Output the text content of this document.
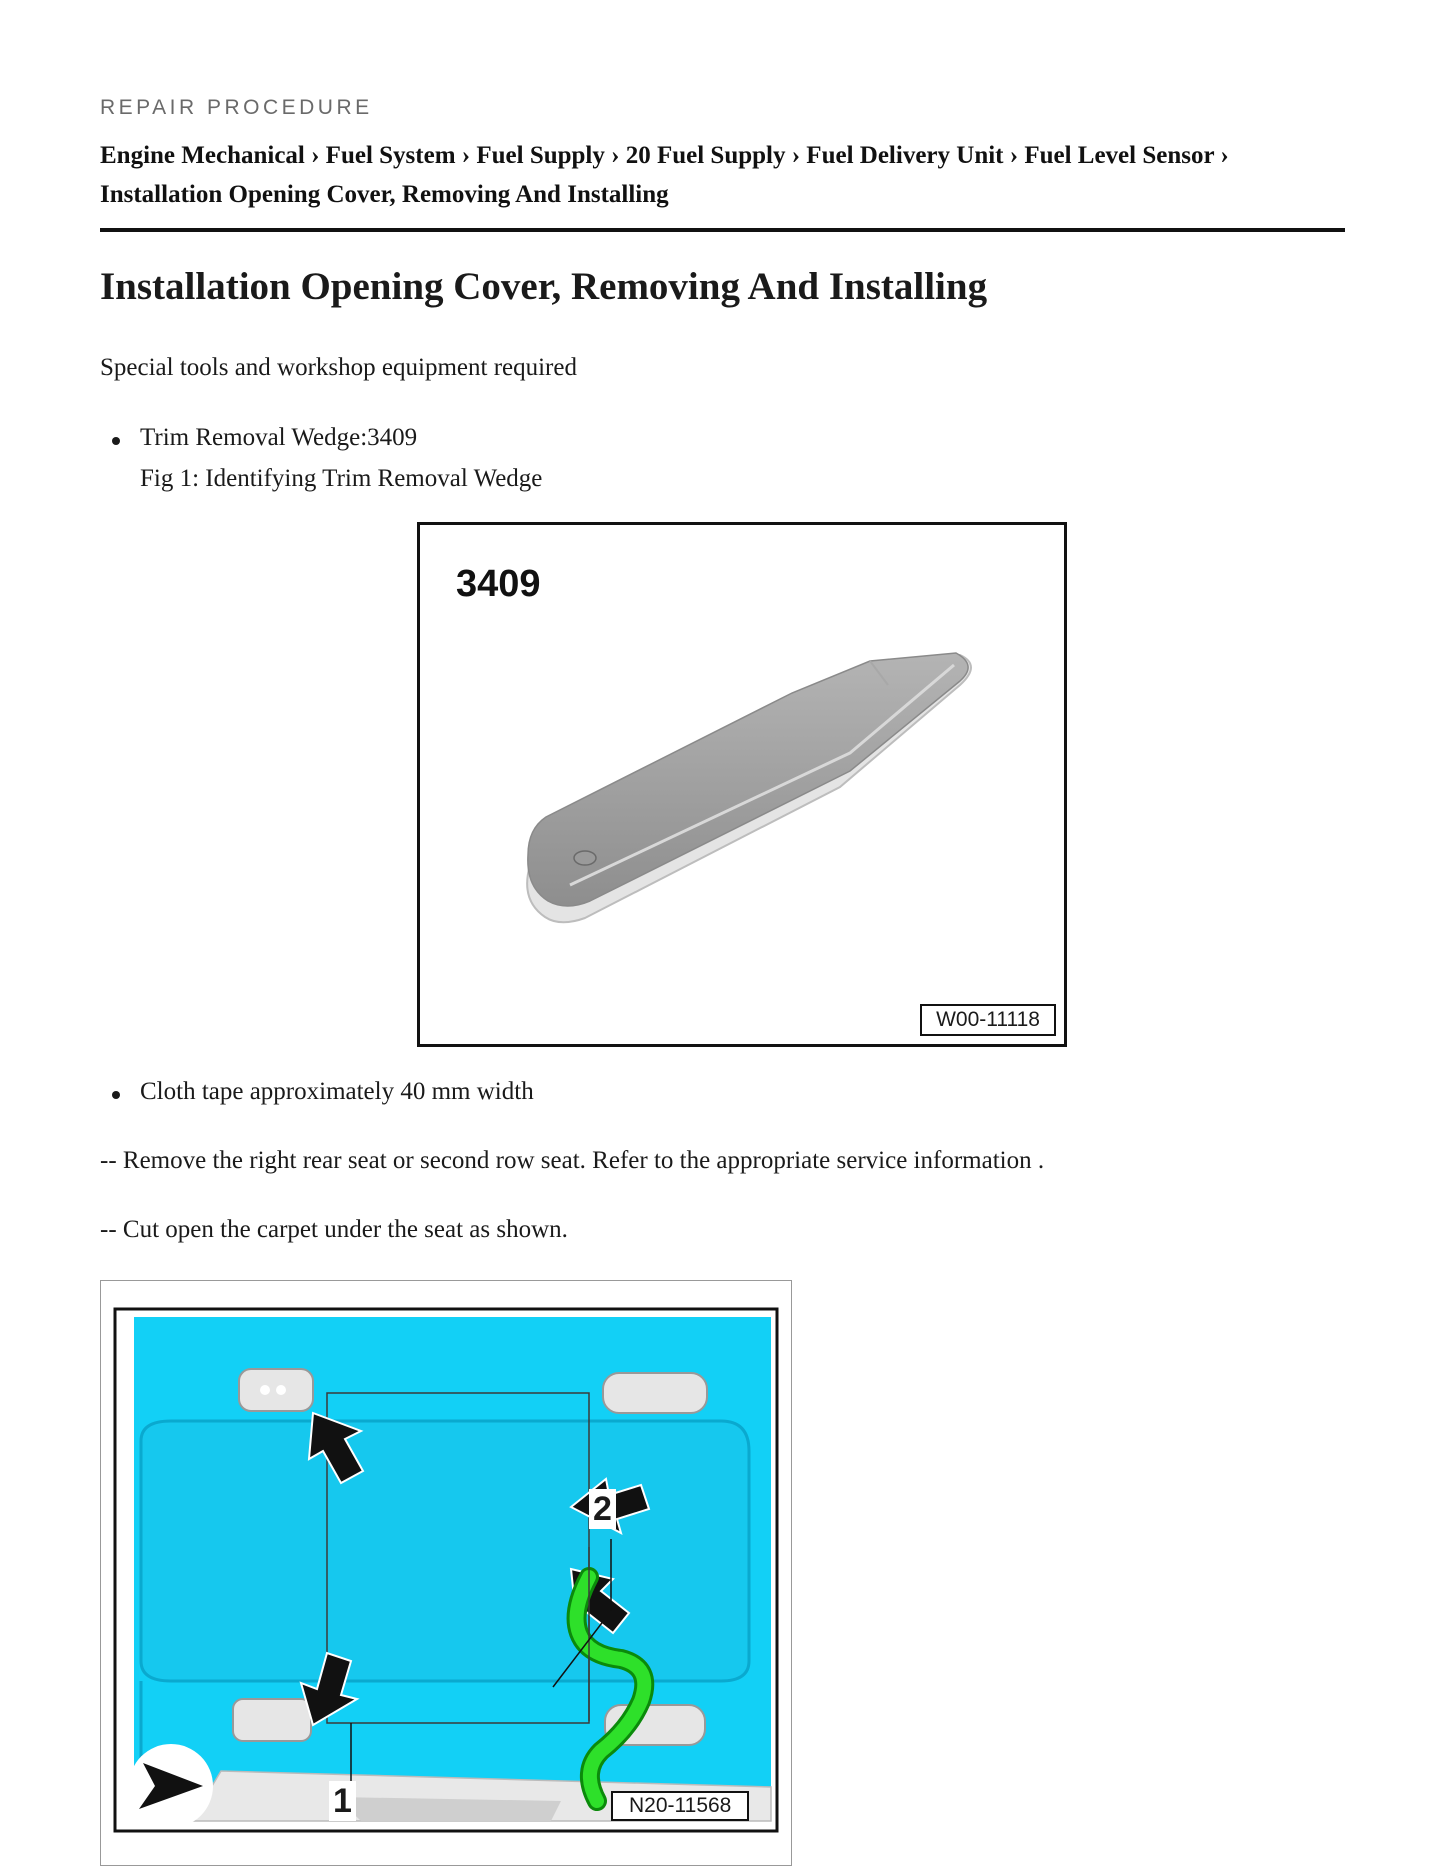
REPAIR PROCEDURE
Engine Mechanical › Fuel System › Fuel Supply › 20 Fuel Supply › Fuel Delivery Unit › Fuel Level Sensor ›
Installation Opening Cover, Removing And Installing
Installation Opening Cover, Removing And Installing

Special tools and workshop equipment required

Trim Removal Wedge:3409
Fig 1: Identifying Trim Removal Wedge
3409
W00-11118
Cloth tape approximately 40 mm width

-- Remove the right rear seat or second row seat. Refer to the appropriate service information .

-- Cut open the carpet under the seat as shown.

1
2
N20-11568
